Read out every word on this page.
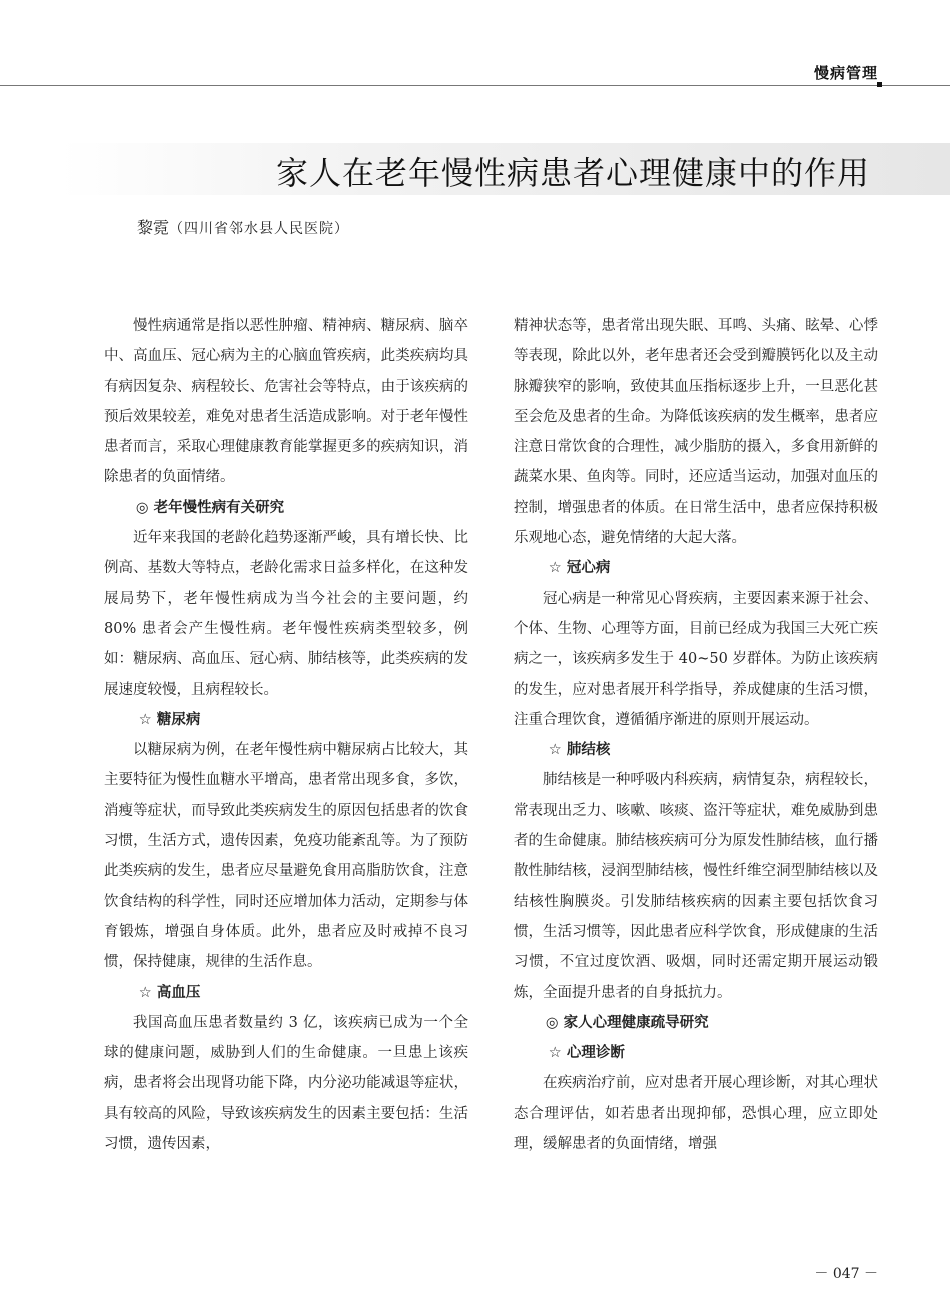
慢病管理
家人在老年慢性病患者心理健康中的作用
黎霓（四川省邻水县人民医院）

慢性病通常是指以恶性肿瘤、精神病、糖尿病、脑卒中、高血压、冠心病为主的心脑血管疾病，此类疾病均具有病因复杂、病程较长、危害社会等特点，由于该疾病的预后效果较差，难免对患者生活造成影响。对于老年慢性患者而言，采取心理健康教育能掌握更多的疾病知识，消除患者的负面情绪。

◎ 老年慢性病有关研究

近年来我国的老龄化趋势逐渐严峻，具有增长快、比例高、基数大等特点，老龄化需求日益多样化，在这种发展局势下，老年慢性病成为当今社会的主要问题，约 80% 患者会产生慢性病。老年慢性疾病类型较多，例如：糖尿病、高血压、冠心病、肺结核等，此类疾病的发展速度较慢，且病程较长。

☆ 糖尿病

以糖尿病为例，在老年慢性病中糖尿病占比较大，其主要特征为慢性血糖水平增高，患者常出现多食，多饮，消瘦等症状，而导致此类疾病发生的原因包括患者的饮食习惯，生活方式，遗传因素，免疫功能紊乱等。为了预防此类疾病的发生，患者应尽量避免食用高脂肪饮食，注意饮食结构的科学性，同时还应增加体力活动，定期参与体育锻炼，增强自身体质。此外，患者应及时戒掉不良习惯，保持健康，规律的生活作息。

☆ 高血压

我国高血压患者数量约 3 亿，该疾病已成为一个全球的健康问题，威胁到人们的生命健康。一旦患上该疾病，患者将会出现肾功能下降，内分泌功能减退等症状，具有较高的风险，导致该疾病发生的因素主要包括：生活习惯，遗传因素，

精神状态等，患者常出现失眠、耳鸣、头痛、眩晕、心悸等表现，除此以外，老年患者还会受到瓣膜钙化以及主动脉瓣狭窄的影响，致使其血压指标逐步上升，一旦恶化甚至会危及患者的生命。为降低该疾病的发生概率，患者应注意日常饮食的合理性，减少脂肪的摄入，多食用新鲜的蔬菜水果、鱼肉等。同时，还应适当运动，加强对血压的控制，增强患者的体质。在日常生活中，患者应保持积极乐观地心态，避免情绪的大起大落。

☆ 冠心病

冠心病是一种常见心肾疾病，主要因素来源于社会、个体、生物、心理等方面，目前已经成为我国三大死亡疾病之一，该疾病多发生于 40~50 岁群体。为防止该疾病的发生，应对患者展开科学指导，养成健康的生活习惯，注重合理饮食，遵循循序渐进的原则开展运动。

☆ 肺结核

肺结核是一种呼吸内科疾病，病情复杂，病程较长，常表现出乏力、咳嗽、咳痰、盗汗等症状，难免威胁到患者的生命健康。肺结核疾病可分为原发性肺结核，血行播散性肺结核，浸润型肺结核，慢性纤维空洞型肺结核以及结核性胸膜炎。引发肺结核疾病的因素主要包括饮食习惯，生活习惯等，因此患者应科学饮食，形成健康的生活习惯，不宜过度饮酒、吸烟，同时还需定期开展运动锻炼，全面提升患者的自身抵抗力。

◎ 家人心理健康疏导研究
☆ 心理诊断

在疾病治疗前，应对患者开展心理诊断，对其心理状态合理评估，如若患者出现抑郁，恐惧心理，应立即处理，缓解患者的负面情绪，增强

－ 047 －
